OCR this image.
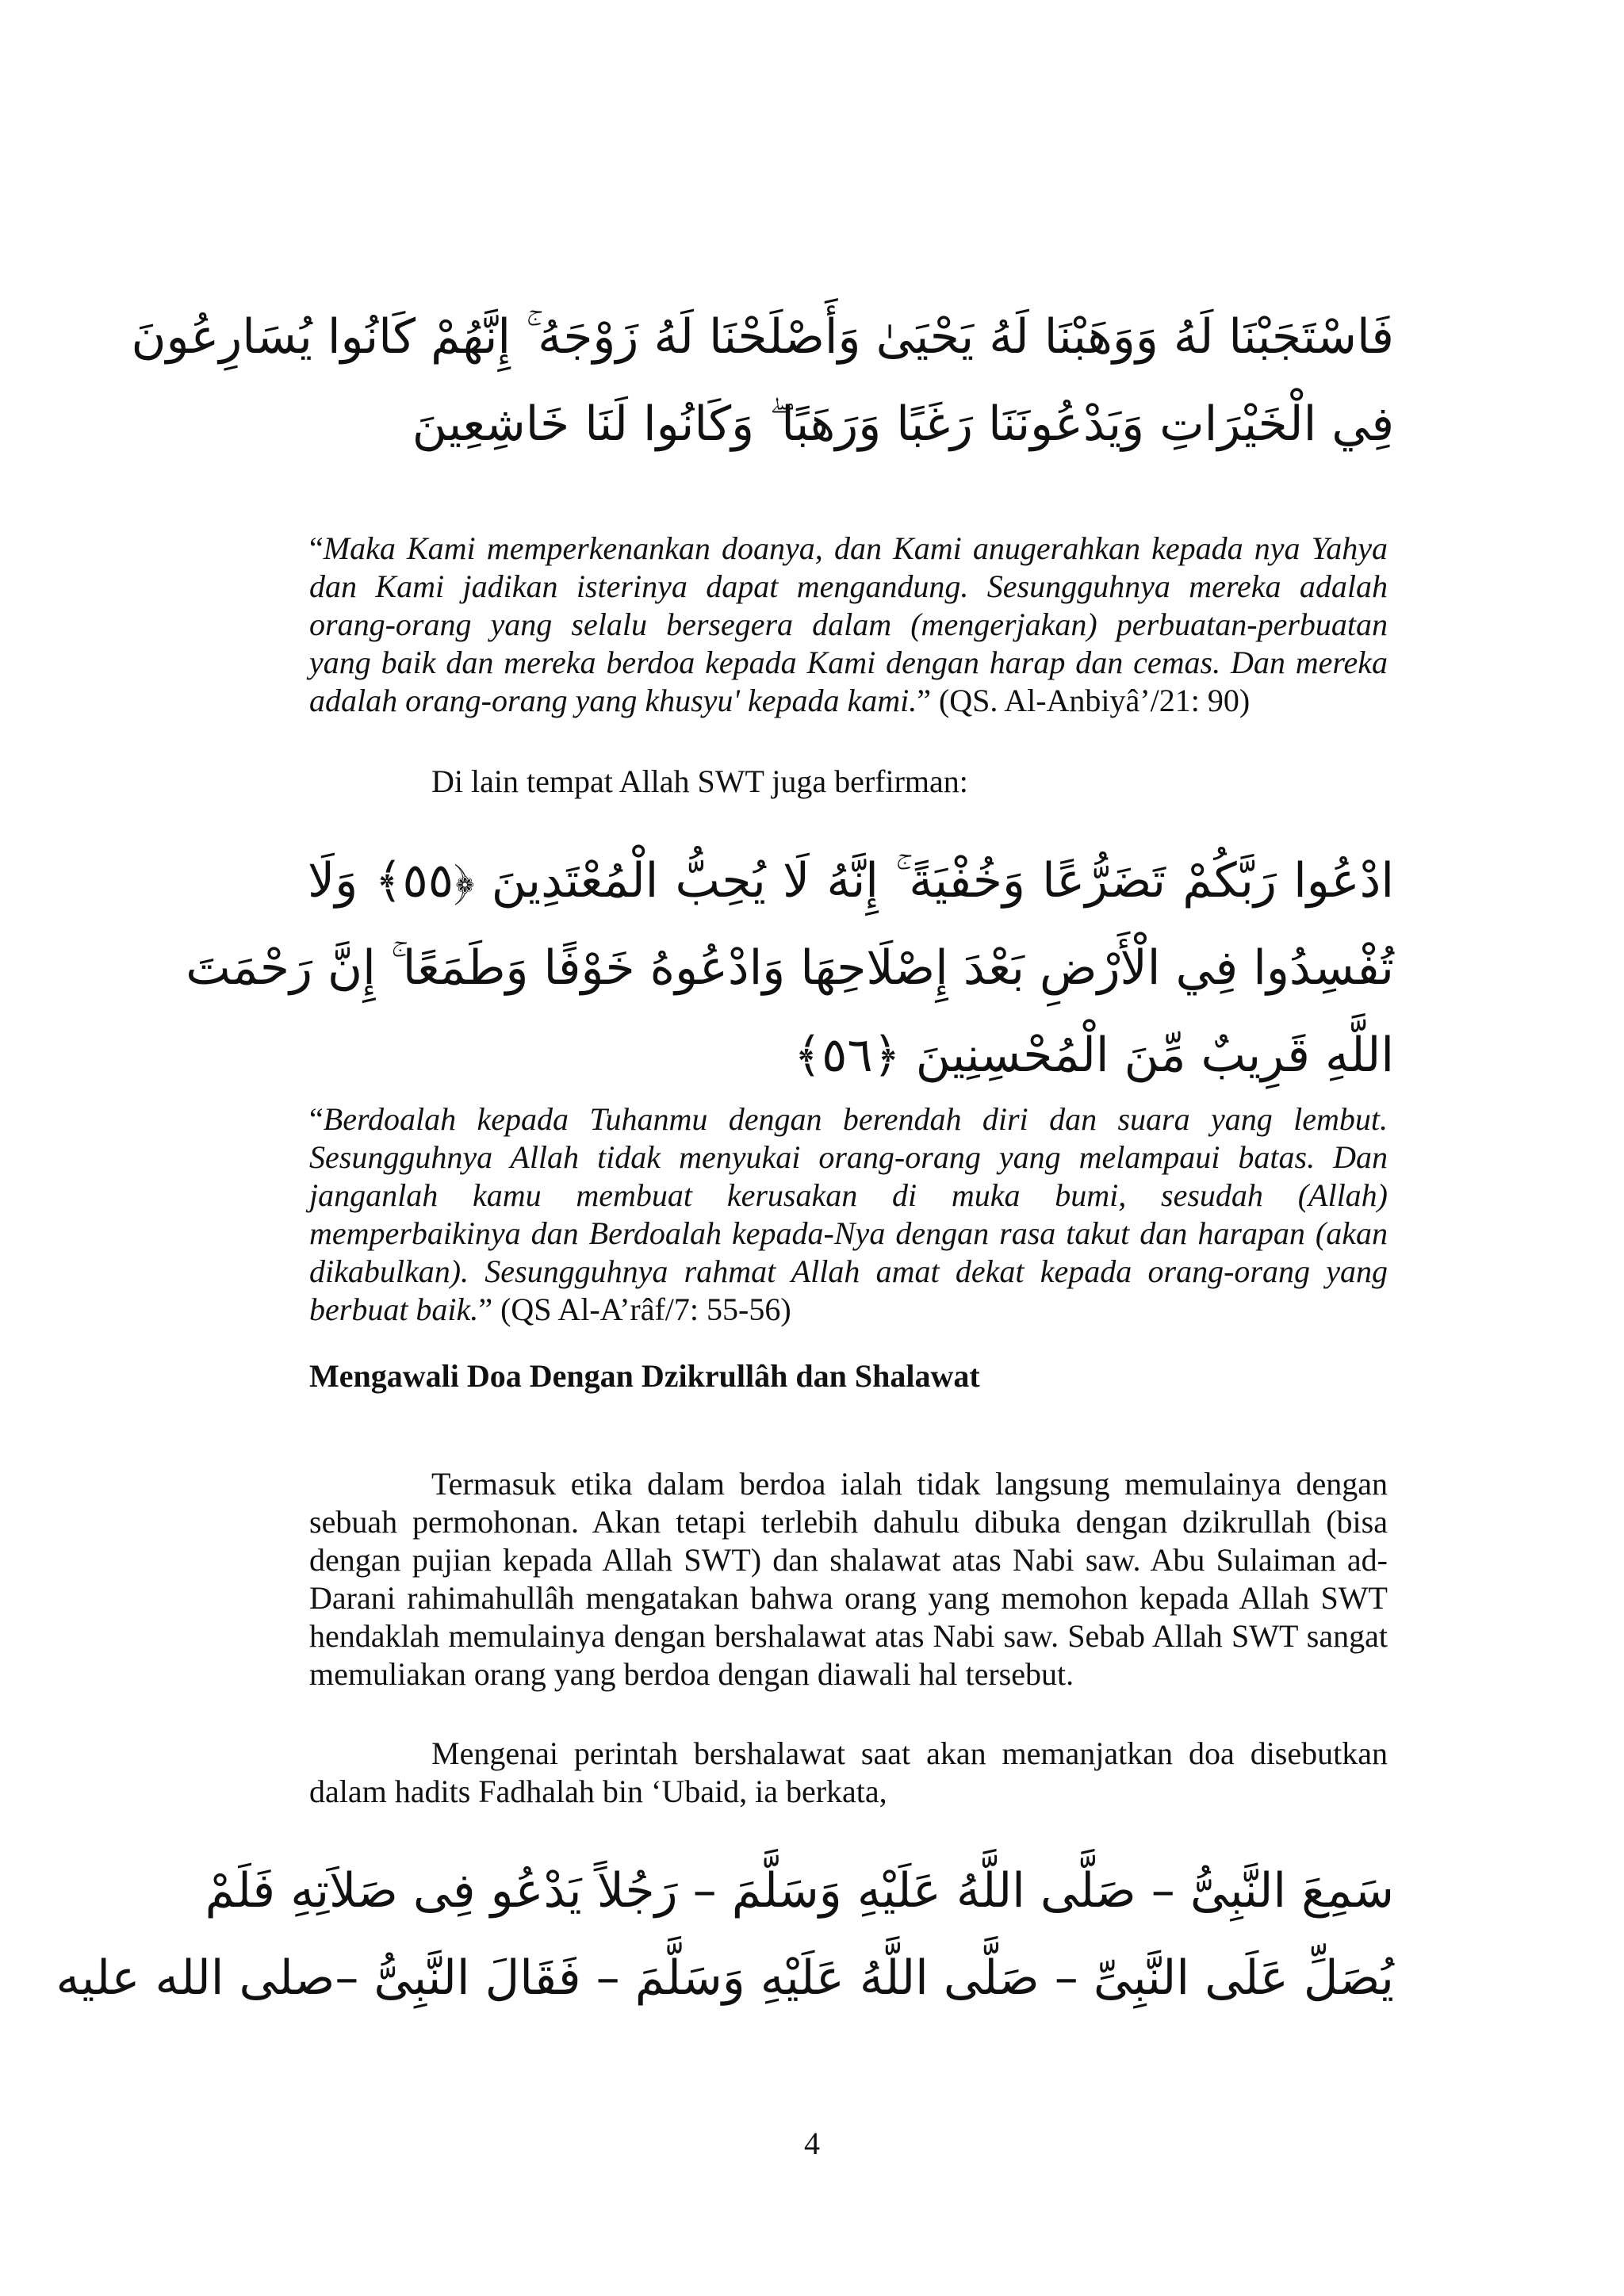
فَاسْتَجَبْنَا لَهُ وَوَهَبْنَا لَهُ يَحْيَىٰ وَأَصْلَحْنَا لَهُ زَوْجَهُ ۚ إِنَّهُمْ كَانُوا يُسَارِعُونَ
فِي الْخَيْرَاتِ وَيَدْعُونَنَا رَغَبًا وَرَهَبًا ۖ وَكَانُوا لَنَا خَاشِعِينَ

“Maka Kami memperkenankan doanya, dan Kami anugerahkan kepada nya Yahya dan Kami jadikan isterinya dapat mengandung. Sesungguhnya mereka adalah orang-orang yang selalu bersegera dalam (mengerjakan) perbuatan-perbuatan yang baik dan mereka berdoa kepada Kami dengan harap dan cemas. Dan mereka adalah orang-orang yang khusyu' kepada kami.” (QS. Al-Anbiyâ’/21: 90)

Di lain tempat Allah SWT juga berfirman:

ادْعُوا رَبَّكُمْ تَضَرُّعًا وَخُفْيَةً ۚ إِنَّهُ لَا يُحِبُّ الْمُعْتَدِينَ ﴿٥٥﴾ وَلَا
تُفْسِدُوا فِي الْأَرْضِ بَعْدَ إِصْلَاحِهَا وَادْعُوهُ خَوْفًا وَطَمَعًا ۚ إِنَّ رَحْمَتَ
اللَّهِ قَرِيبٌ مِّنَ الْمُحْسِنِينَ ﴿٥٦﴾

“Berdoalah kepada Tuhanmu dengan berendah diri dan suara yang lembut. Sesungguhnya Allah tidak menyukai orang-orang yang melampaui batas. Dan janganlah kamu membuat kerusakan di muka bumi, sesudah (Allah) memperbaikinya dan Berdoalah kepada-Nya dengan rasa takut dan harapan (akan dikabulkan). Sesungguhnya rahmat Allah amat dekat kepada orang-orang yang berbuat baik.” (QS Al-A’râf/7: 55-56)

Mengawali Doa Dengan Dzikrullâh dan Shalawat

Termasuk etika dalam berdoa ialah tidak langsung memulainya dengan sebuah permohonan. Akan tetapi terlebih dahulu dibuka dengan dzikrullah (bisa dengan pujian kepada Allah SWT) dan shalawat atas Nabi saw. Abu Sulaiman ad-Darani rahimahullâh mengatakan bahwa orang yang memohon kepada Allah SWT hendaklah memulainya dengan bershalawat atas Nabi saw. Sebab Allah SWT sangat memuliakan orang yang berdoa dengan diawali hal tersebut.

Mengenai perintah bershalawat saat akan memanjatkan doa disebutkan dalam hadits Fadhalah bin ‘Ubaid, ia berkata,

سَمِعَ النَّبِىُّ – صَلَّى اللَّهُ عَلَيْهِ وَسَلَّمَ – رَجُلاً يَدْعُو فِى صَلاَتِهِ فَلَمْ
يُصَلِّ عَلَى النَّبِىِّ – صَلَّى اللَّهُ عَلَيْهِ وَسَلَّمَ – فَقَالَ النَّبِىُّ –صلى الله عليه
4
